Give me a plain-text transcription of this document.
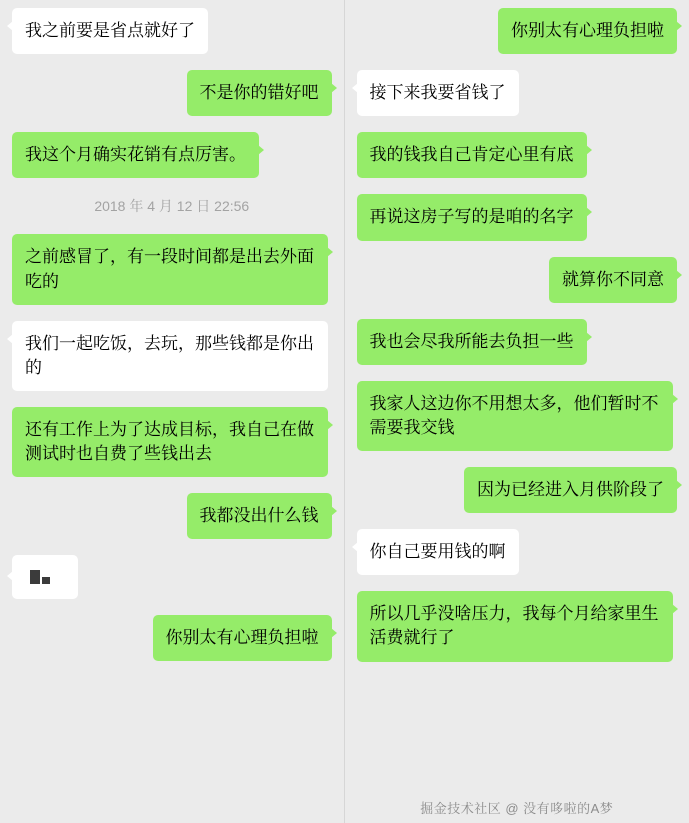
我之前要是省点就好了
不是你的错好吧
我这个月确实花销有点厉害。
2018 年 4 月 12 日 22:56
之前感冒了，有一段时间都是出去外面吃的
我们一起吃饭，去玩，那些钱都是你出的
还有工作上为了达成目标，我自己在做测试时也自费了些钱出去
我都没出什么钱
你别太有心理负担啦
你别太有心理负担啦
接下来我要省钱了
我的钱我自己肯定心里有底
再说这房子写的是咱的名字
就算你不同意
我也会尽我所能去负担一些
我家人这边你不用想太多，他们暂时不需要我交钱
因为已经进入月供阶段了
你自己要用钱的啊
所以几乎没啥压力，我每个月给家里生活费就行了
掘金技术社区 @ 没有哆啦的A梦
